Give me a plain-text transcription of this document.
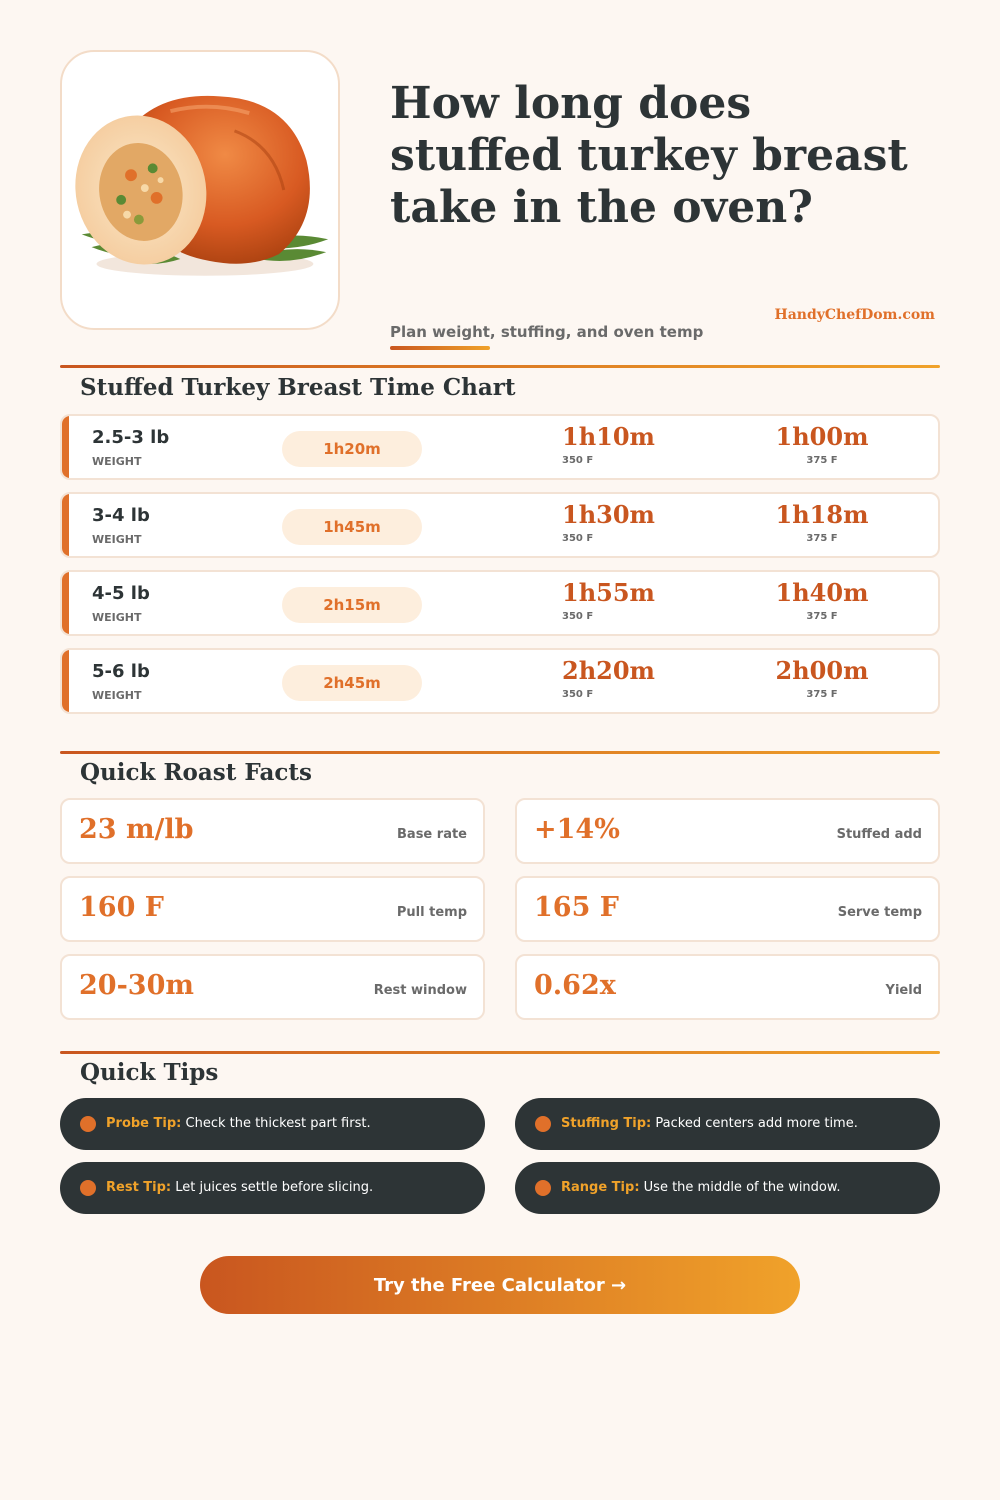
How long does stuffed turkey breast take in the oven?
HandyChefDom.com
Plan weight, stuffing, and oven temp
Stuffed Turkey Breast Time Chart
2.5-3 lb
WEIGHT
1h20m	1h10m
350 F
1h00m
375 F
3-4 lb
WEIGHT
1h45m	1h30m
350 F
1h18m
375 F
4-5 lb
WEIGHT
2h15m	1h55m
350 F
1h40m
375 F
5-6 lb
WEIGHT
2h45m	2h20m
350 F
2h00m
375 F
Quick Roast Facts
23 m/lb	Base rate +14%	Stuffed add
160 F	Pull temp 165 F	Serve temp
20-30m	Rest window 0.62x	Yield
Quick Tips
Probe Tip: Check the thickest part first.	Stuffing Tip: Packed centers add more time.
Rest Tip: Let juices settle before slicing.	Range Tip: Use the middle of the window.
Try the Free Calculator →
